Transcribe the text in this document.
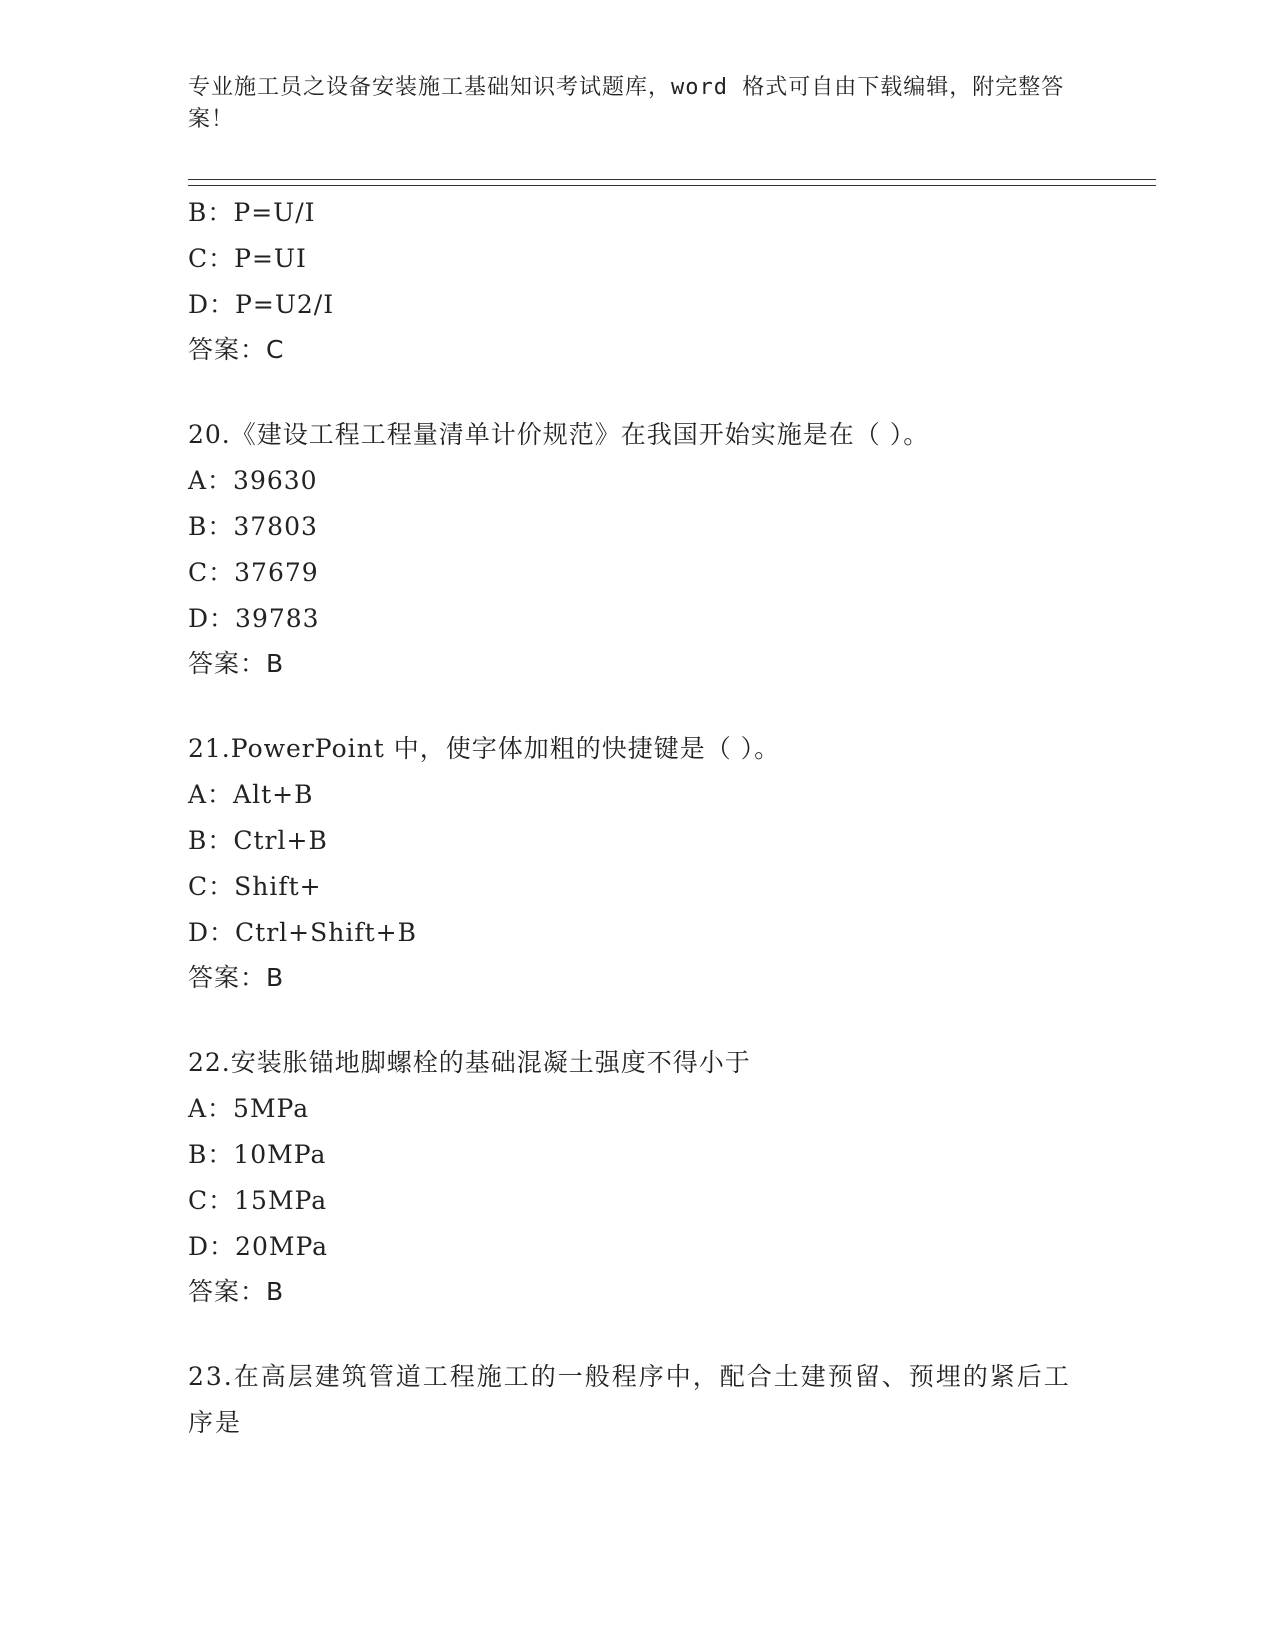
专业施工员之设备安装施工基础知识考试题库，word 格式可自由下载编辑，附完整答案！
B：P=U/I
C：P=UI
D：P=U2/I
答案：C
20.《建设工程工程量清单计价规范》在我国开始实施是在（ ）。
A：39630
B：37803
C：37679
D：39783
答案：B
21.PowerPoint 中，使字体加粗的快捷键是（ ）。
A：Alt+B
B：Ctrl+B
C：Shift+
D：Ctrl+Shift+B
答案：B
22.安装胀锚地脚螺栓的基础混凝土强度不得小于
A：5MPa
B：10MPa
C：15MPa
D：20MPa
答案：B
23.在高层建筑管道工程施工的一般程序中，配合土建预留、预埋的紧后工序是
